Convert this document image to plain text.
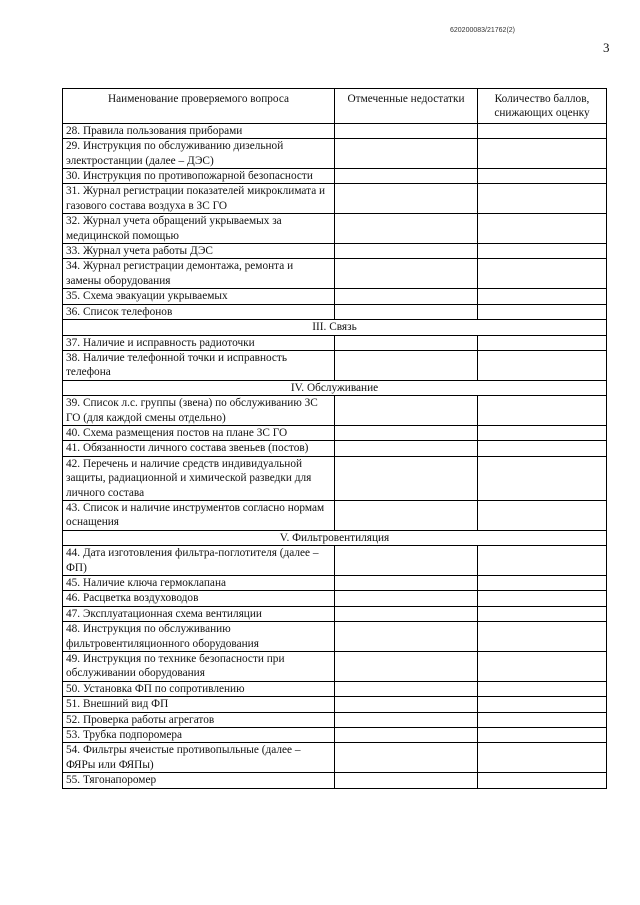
620200083/21762(2)
3
Наименование проверяемого вопроса	Отмеченные недостатки	Количество баллов, снижающих оценку
28. Правила пользования приборами		
29. Инструкция по обслуживанию дизельной электростанции (далее – ДЭС)		
30. Инструкция по противопожарной безопасности		
31. Журнал регистрации показателей микроклимата и газового состава воздуха в ЗС ГО		
32. Журнал учета обращений укрываемых за медицинской помощью		
33. Журнал учета работы ДЭС		
34. Журнал регистрации демонтажа, ремонта и замены оборудования		
35. Схема эвакуации укрываемых		
36. Список телефонов		
III. Связь		
37. Наличие и исправность радиоточки		
38. Наличие телефонной точки и исправность телефона		
IV. Обслуживание		
39. Список л.с. группы (звена) по обслуживанию ЗС ГО (для каждой смены отдельно)		
40. Схема размещения постов на плане ЗС ГО		
41. Обязанности личного состава звеньев (постов)		
42. Перечень и наличие средств индивидуальной защиты, радиационной и химической разведки для личного состава		
43. Список и наличие инструментов согласно нормам оснащения		
V. Фильтровентиляция		
44. Дата изготовления фильтра-поглотителя (далее – ФП)		
45. Наличие ключа гермоклапана		
46. Расцветка воздуховодов		
47. Эксплуатационная схема вентиляции		
48. Инструкция по обслуживанию фильтровентиляционного оборудования		
49. Инструкция по технике безопасности при обслуживании оборудования		
50. Установка ФП по сопротивлению		
51. Внешний вид ФП		
52. Проверка работы агрегатов		
53. Трубка подпоромера		
54. Фильтры ячеистые противопыльные (далее – ФЯРы или ФЯПы)		
55. Тягонапоромер		
